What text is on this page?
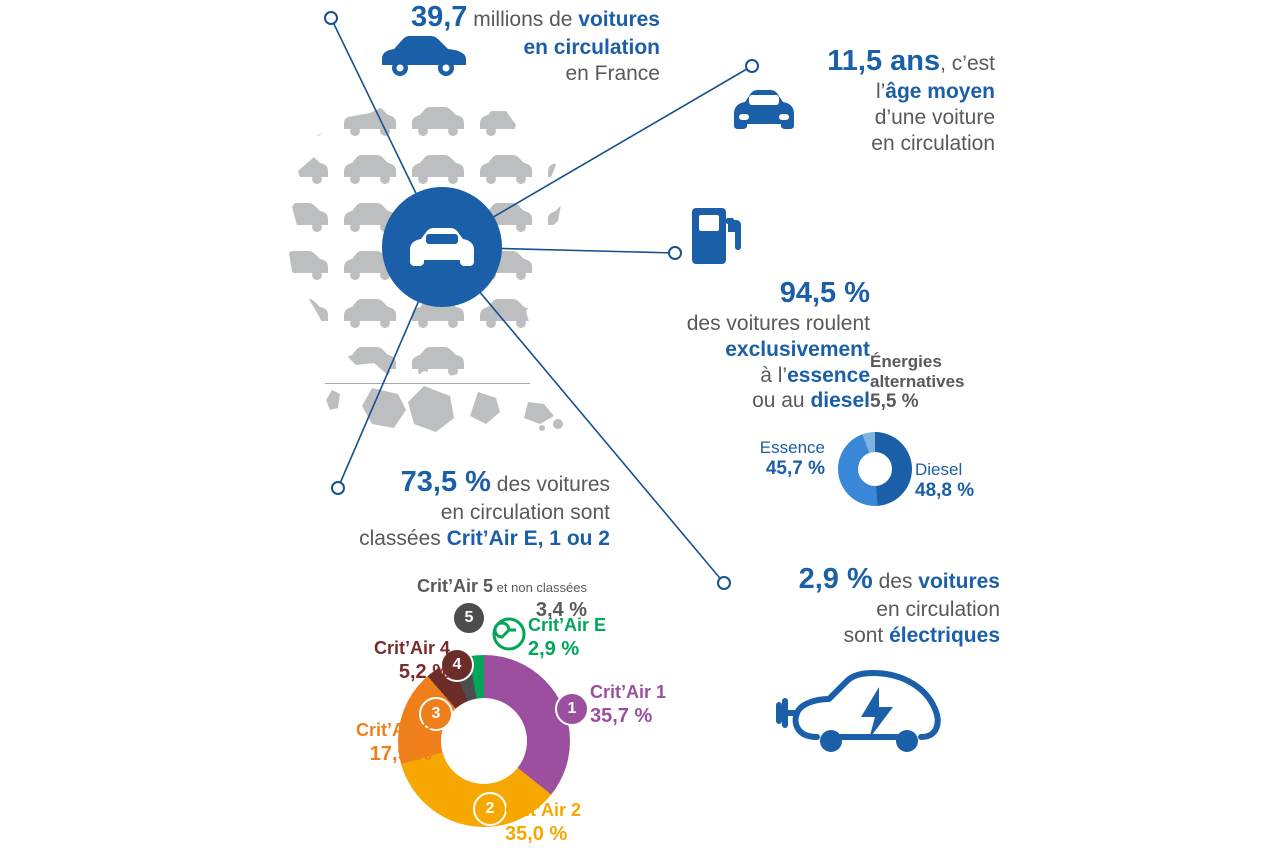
39,7 millions de voitures
en circulation
en France	11,5 ans, c’est
l’âge moyen
d’une voiture
en circulation
94,5 %
des voitures roulent
exclusivement
à l’essence
ou au diesel
73,5 % des voitures
en circulation sont
classées Crit’Air E, 1 ou 2
2,9 % des voitures
en circulation
sont électriques
Essence
45,7 %	Diesel
48,8 %
Énergies
alternatives
5,5 %
5
4
3
2
1
Crit’Air 5 et non classées
3,4 %
Crit’Air 4
5,2 %
Crit’Air 3
17,9 %
Crit’Air 2
35,0 %
Crit’Air 1
35,7 %
Crit’Air E
2,9 %
